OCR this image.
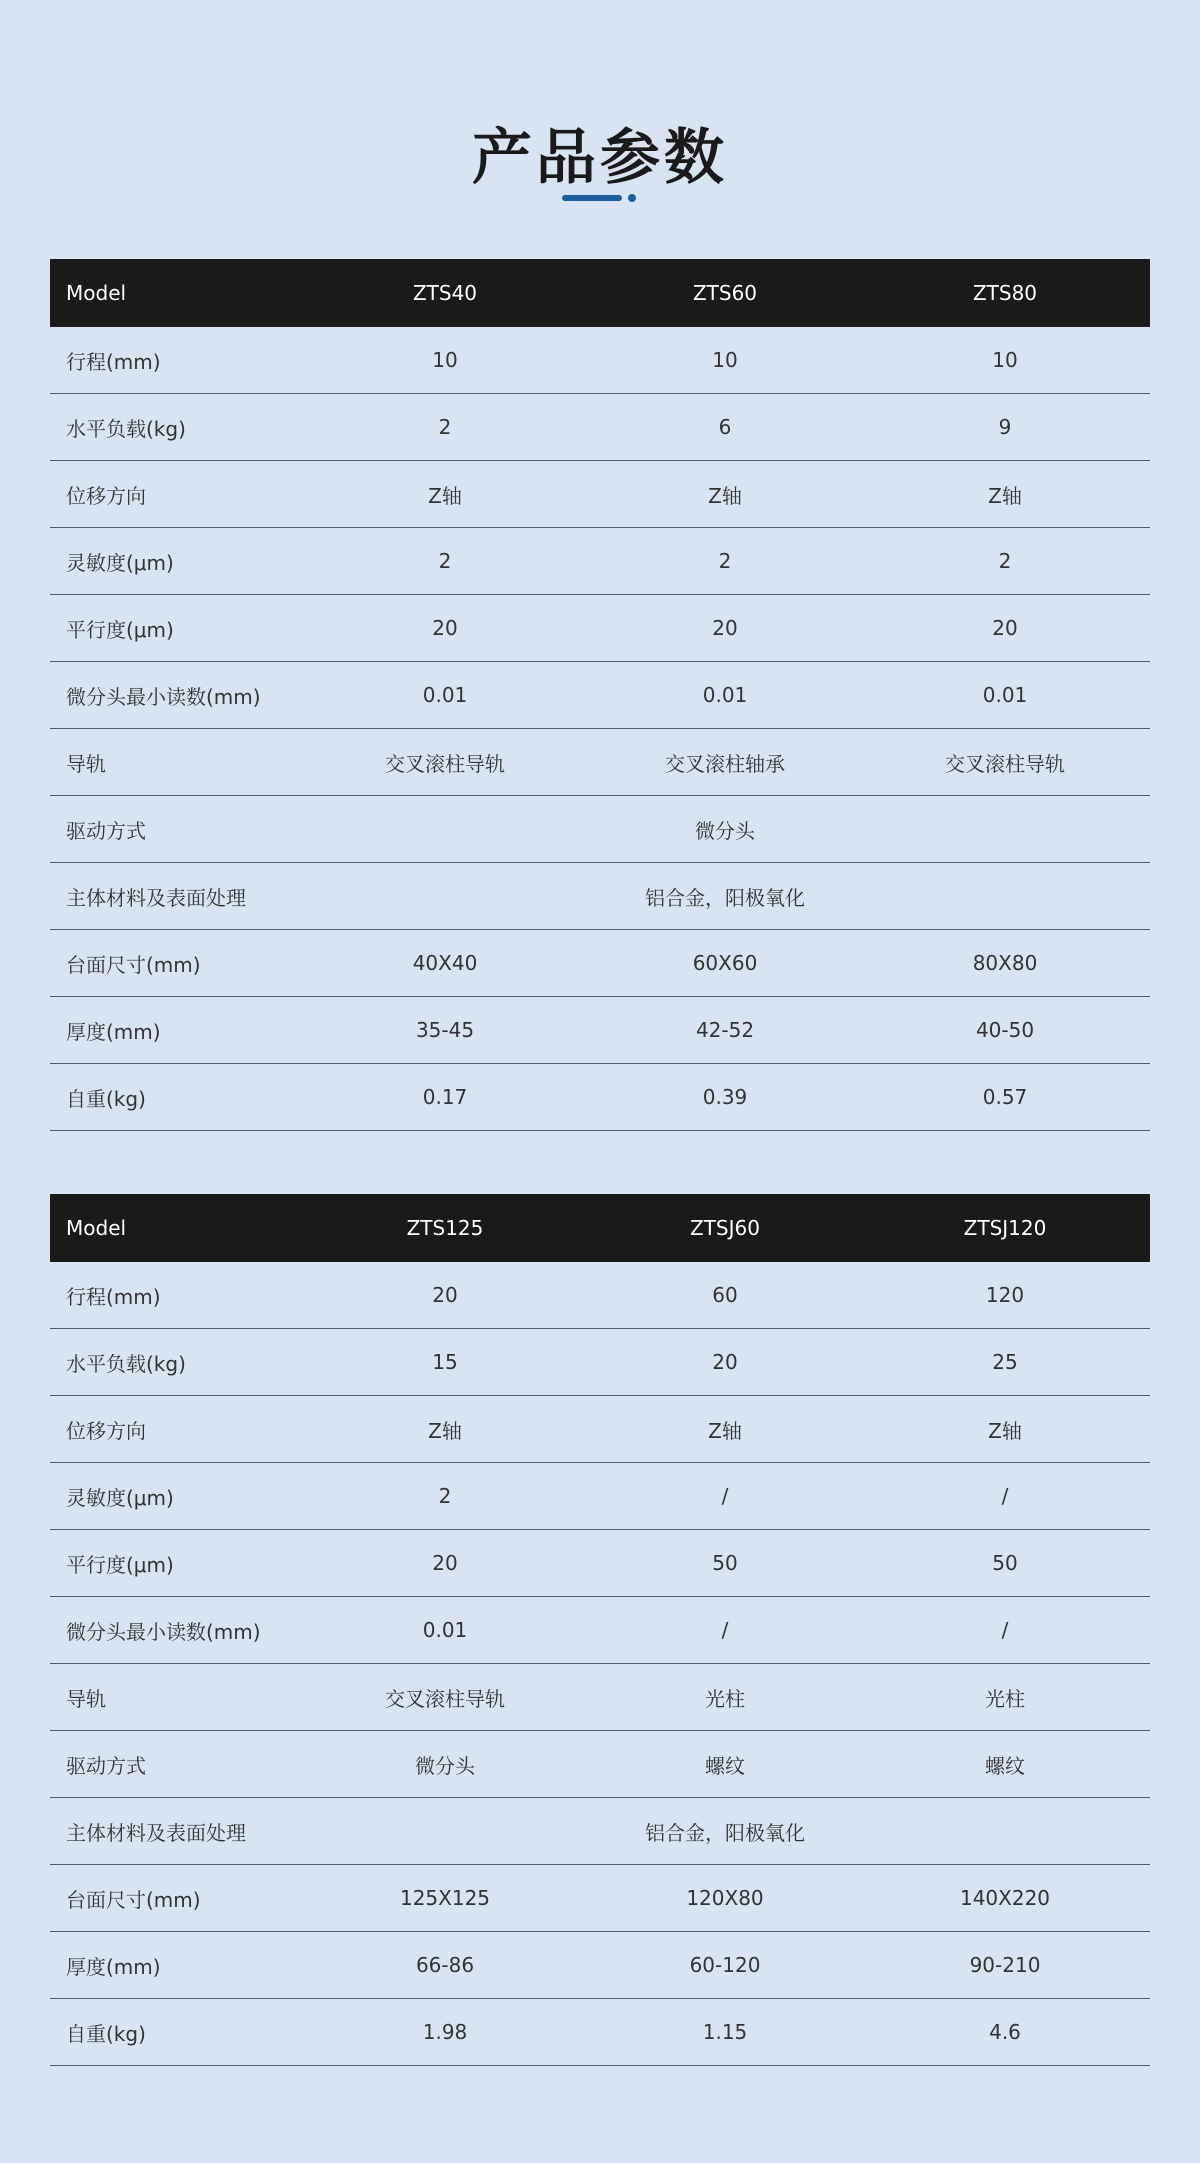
产品参数
Model	ZTS40	ZTS60	ZTS80
行程(mm)	10	10	10
水平负载(kg)	2	6	9
位移方向	Z轴	Z轴	Z轴
灵敏度(μm)	2	2	2
平行度(μm)	20	20	20
微分头最小读数(mm)	0.01	0.01	0.01
导轨	交叉滚柱导轨	交叉滚柱轴承	交叉滚柱导轨
驱动方式	微分头		
主体材料及表面处理	铝合金，阳极氧化		
台面尺寸(mm)	40X40	60X60	80X80
厚度(mm)	35-45	42-52	40-50
自重(kg)	0.17	0.39	0.57
Model	ZTS125	ZTSJ60	ZTSJ120
行程(mm)	20	60	120
水平负载(kg)	15	20	25
位移方向	Z轴	Z轴	Z轴
灵敏度(μm)	2	/	/
平行度(μm)	20	50	50
微分头最小读数(mm)	0.01	/	/
导轨	交叉滚柱导轨	光柱	光柱
驱动方式	微分头	螺纹	螺纹
主体材料及表面处理	铝合金，阳极氧化		
台面尺寸(mm)	125X125	120X80	140X220
厚度(mm)	66-86	60-120	90-210
自重(kg)	1.98	1.15	4.6
